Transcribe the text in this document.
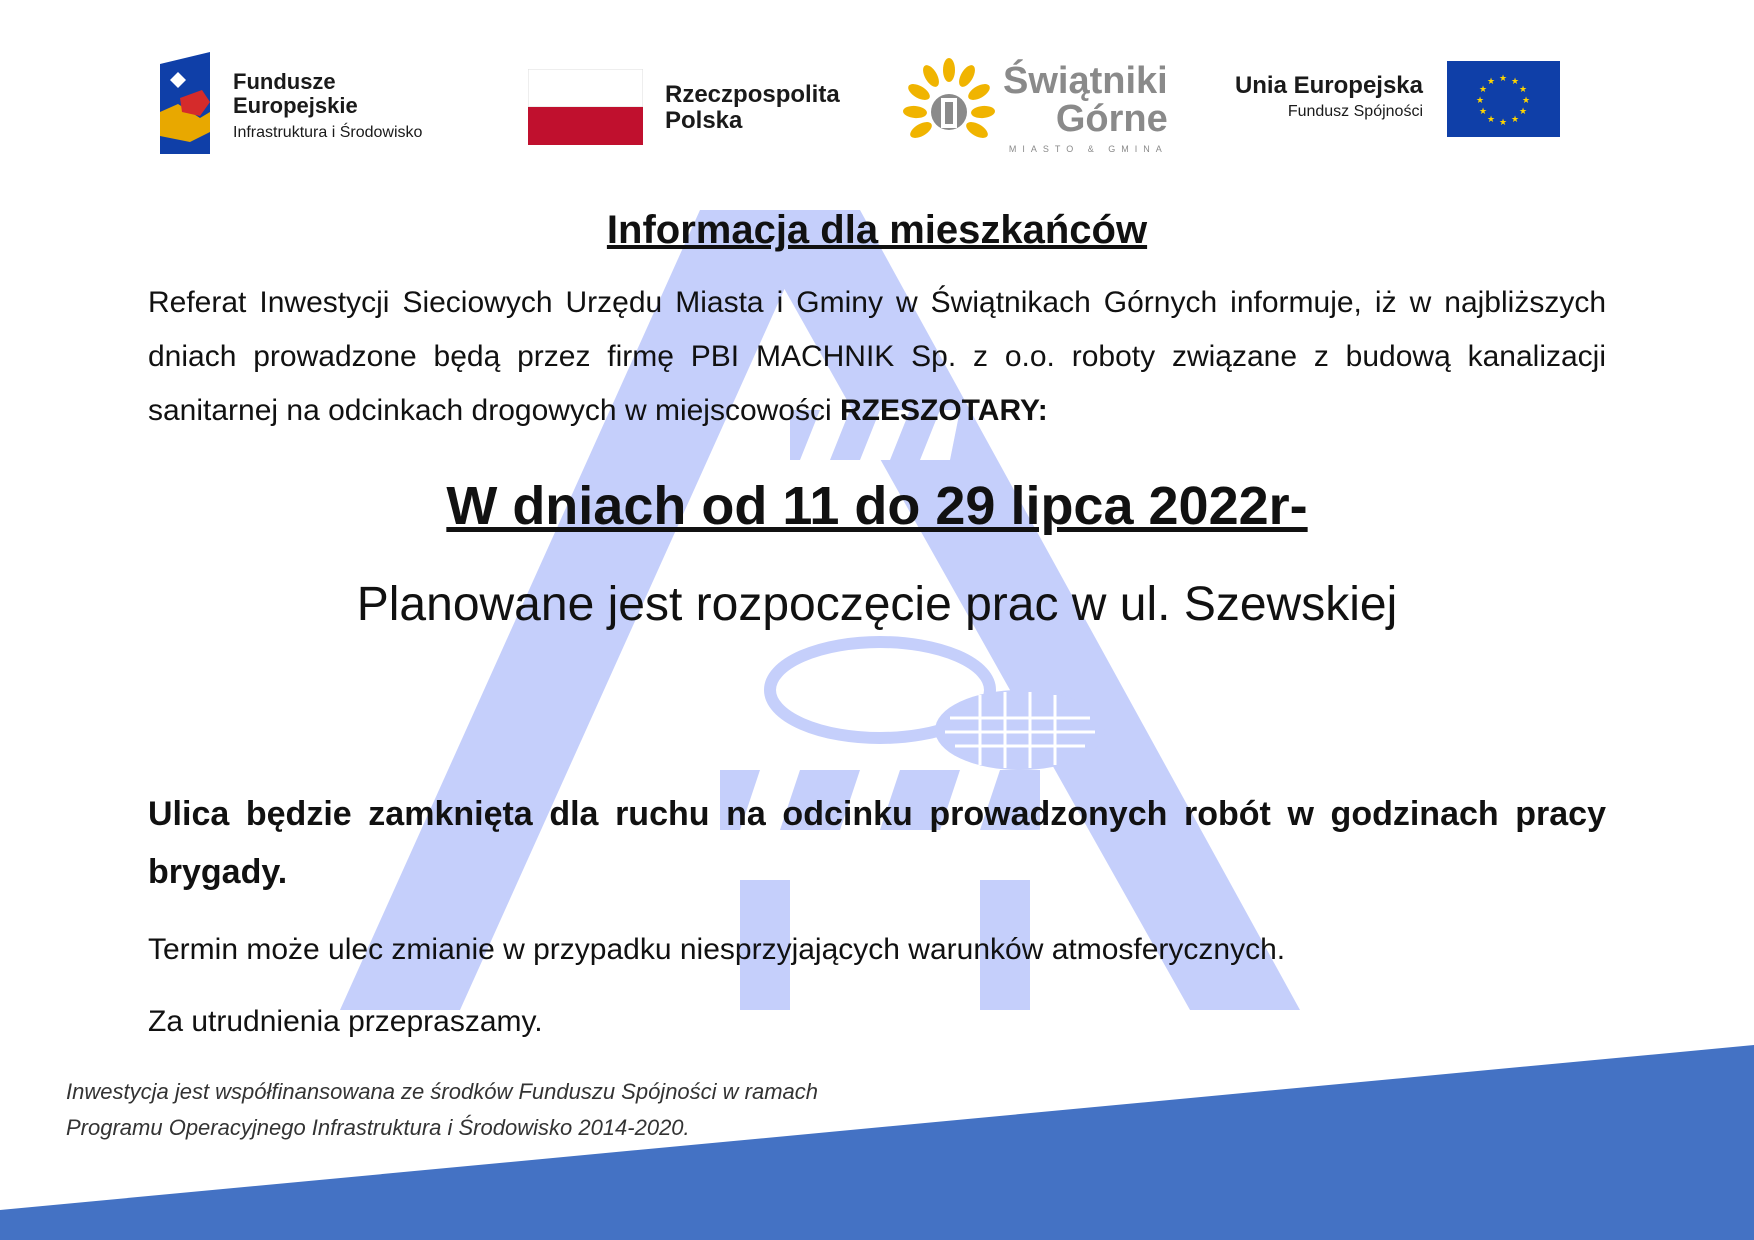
Fundusze
Europejskie
Infrastruktura i Środowisko
Rzeczpospolita
Polska
Świątniki
Górne
MIASTO & GMINA
Unia Europejska
Fundusz Spójności
★ ★
★
★
★
★
★
★
★
★
★
★
Informacja dla mieszkańców

Referat Inwestycji Sieciowych Urzędu Miasta i Gminy w Świątnikach Górnych informuje, iż w najbliższych dniach prowadzone będą przez firmę PBI MACHNIK Sp. z o.o. roboty związane z budową kanalizacji sanitarnej na odcinkach drogowych w miejscowości RZESZOTARY:

W dniach od 11 do 29 lipca 2022r-
Planowane jest rozpoczęcie prac w ul. Szewskiej

Ulica będzie zamknięta dla ruchu na odcinku prowadzonych robót w godzinach pracy brygady.

Termin może ulec zmianie w przypadku niesprzyjających warunków atmosferycznych.
Za utrudnienia przepraszamy.
Inwestycja jest współfinansowana ze środków Funduszu Spójności w ramach
Programu Operacyjnego Infrastruktura i Środowisko 2014-2020.
